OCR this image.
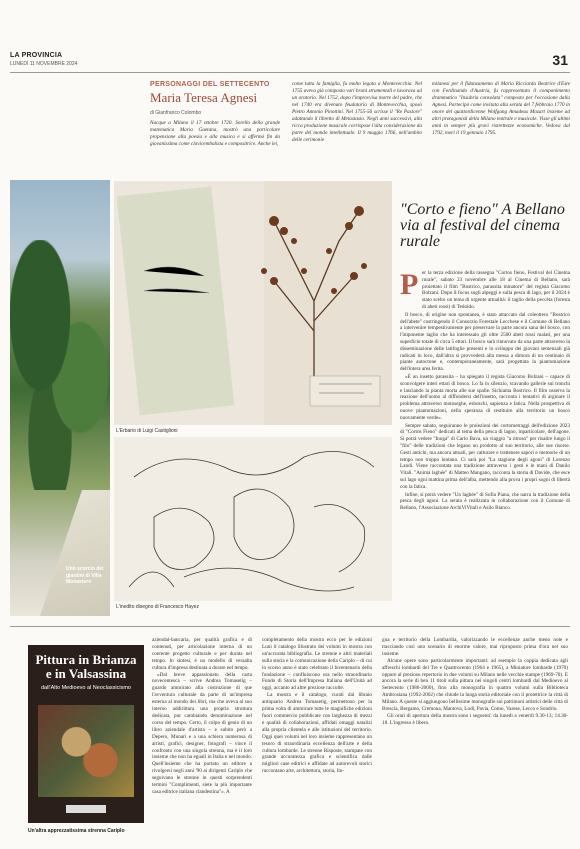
LA PROVINCIA
LUNEDÌ 11 NOVEMBRE 2024	31
PERSONAGGI DEL SETTECENTO
Maria Teresa Agnesi
di Gianfranco Colombo
Nacque a Milano il 17 ottobre 1720. Sorella della grande matematica Maria Gaetana, mostrò una particolare propensione alla poesia e alla musica e si affermò fin da giovanissima come clavicembalista e compositrice. Anche lei,
come tutta la famiglia, fu molto legata a Montevecchia. Nel 1755 aveva già composto vari brani strumentali e lavorava ad un oratorio. Nel 1752, dopo l'improvvisa morte del padre, che nel 1740 era divenuto feudatario di Montevecchia, sposò Pietro Antonio Pinottini. Nel 1755-56 scrisse il "Re Pastore" adattando il libretto di Metastasio. Negli anni successivi, alla ricca produzione musicale corrispose l'alta considerazione da parte del mondo intellettuale. Il 9 maggio 1766, nell'ambito delle cerimonie
milanesi per il fidanzamento di Maria Ricciarda Beatrice d'Este con Ferdinando d'Austria, fu rappresentato il componimento drammatico "Insubria consolata" composto per l'occasione dalla Agnesi. Partecipò come invitata alla serata del 7 febbraio 1770 in onore del quattordicenne Wolfgang Amadeus Mozart insieme ad altri protagonisti della Milano teatrale e musicale. Visse gli ultimi anni in semper più gravi ristrettezze economiche. Vedova dal 1792, morì il 19 gennaio 1795.
Uno scorcio dei giardini di Villa Monastero
L'Erbario di Luigi Castiglioni
L'inedito disegno di Francesco Hayez
"Corto e fieno" A Bellano via al festival del cinema rurale
P er la terza edizione della rassegna "Cortos fieno, Festival del Cinema rurale", sabato 23 novembre alle 18 al Cinema di Bellano, sarà proiettato il film "Bostrico, parassita minatore" del regista Giacomo Bolzani. Dopo il focus sugli alpeggi e sulla pesca di lago, per il 2024 è stato scelto un tema di urgente attualità: il taglio della peccèta (foresta di abeti rossi) di Tedoldo.

Il bosco, di origine non spontanea, è stato attaccato dal coleottero "Bostrico dell'abete" costringendo il Consorzio Forestale Lecchese e il Comune di Bellano a intervenire tempestivamente per preservare la parte ancora sana del bosco, con l'imponente taglio che ha interessato gli oltre 2500 abeti rossi malati, per una superficie totale di circa 5 ettari. Il bosco sarà rinnovato da una parte attraverso la disseminazione delle latifoglie presenti e lo sviluppo dei giovani semenzali già radicati in loco, dall'altra si provvederà alla messa a dimora di un centinaio di piante autoctone e, contemporaneamente, sarà progettata la piantumazione dell'intera area ferita.

«È un insetto parassita – ha spiegato il regista Giacomo Bolzani – capace di sconvolgere interi ettari di bosco. Lo fa in silenzio, scavando gallerie sui tronchi e lasciando la pianta morta alle sue spalle. Sichiama Bostrico. Il film osserva la reazione dell'uomo al diffondersi dell'insetto, racconta i tentativi di arginare il problema attraverso motoseghe, esboschi, sapienza e fatica. Nella prospettiva di nuove piantumazioni, nella speranza di restituire alla territorio un bosco nuovamente verde».

Sempre sabato, seguiranno le proiezioni dei cortometraggi dell'edizione 2023 di "Cortos Fieno" dedicati al tema della pesca di lagno, inparticolare, dell'agone. Si potrà vedere "Inoga" di Carlo Bava, un viaggio "a ritroso" per risalire lungo il "filo" delle tradizioni che legano un prodotto al suo territorio, alle sue risorse. Gesti antichi, ma ancora attuali, per catturare e trattenere sapori e memorie di un tempo non troppo lontano. Ci sarà poi "La stagione degli agoni" di Lorenzo Landi. Viene raccontata una tradizione attraverso i gesti e le mani di Danilo Vitali. "Anima laghée" di Matteo Mangano, racconta la storia di Davide, che esce sul lago ogni mattina prima dell'alba, mettendo alla prova i propri sogni di libertà con la fatica.

Infine, si potrà vedere "Un laghée" di Sofia Piana, che narra la tradizione della pesca degli agoni. La serata è realizzata in collaborazione con il Comune di Bellano, l'Associazione ArchiViVitali e Asilo Bianco.

Pittura in Brianza e in Valsassina
dall'Alto Medioevo al Neoclassicismo
Un'altra apprezzatissima strenna Cariplo

aziendal-bancaria, per qualità grafica e di contenuti, per articolazione interna di un coerente progetto culturale e per durata nel tempo. In sintesi, è un modello di veraalta cultura d'impresa destinata a durare nel tempo.

«Dal breve appassionato della carta novecentesca – scrive Andrea Tomasetig – guardo ammirato alla costruzione di que l'avventura culturale da parte di un'impresa esterna al mondo dei libri, ma che aveva al suo interno addirittura una propria struttura dedicata, pur cambiando denominazione nel corso del tempo. Certo, il colpo di genio di un libro aziendale d'artista – e subito però a Depero, Munari e a una schiera numerosa di artisti, grafici, designer, fotografi – vince il confronto con una singola strenna, ma è il loro insieme che non ha eguali in Italia e nel mondo. Quell'insieme che ha portato un editore a rivolgersi negli anni '90 ai dirigenti Cariplo che seguivano le strenne in questi sorprendenti termini "Complimenti, siete la più importante casa editrice italiana clandestina"». A

completamento della mostra ecco per le edizioni Luni il catalogo illustrato dei volumi in mostra con un'accurata bibliografia. Le strenne e altri materiali sulla storia e la comunicazione della Cariplo – di cui lo scorso anno è stato celebrato il bicentenario della fondazione – confluiscono ora nello straordinario Fondo di Storia dell'Impresa Italiana dell'Unità ad oggi, accanto ad altre preziose raccolte.

La mostra e il catalogo, curati dal libraio antiquario Andrea Tomasetig, permettono per la prima volta di ammirare tutte le magnifiche edizioni fuori commercio pubblicate con larghezza di mezzi e qualità di collaborazioni, affidati omaggi natalizi alla propria clientela e alle istituzioni del territorio. Oggi quei volumi nel loro insieme rappresentano un tesoro di straordinaria eccellenza dell'arte e della cultura lombarde. Le strenne Risposte, stampate con grande accuratezza grafica e scientifica dalle migliori case editrici e affidate ad autorevoli storici raccontano arte, architettura, storia, lin-

gua e territorio della Lombardia, valorizzando le eccellenze anche meno note e tracciando così uno scenario di enorme valore, mai riproposto prima d'ora nel suo insieme.

Alcune opere sono particolarmente importanti: ad esempio la coppia dedicata agli affreschi lombardi del Tre e Quattrocento (1964 e 1965), a Miniature lombarde (1970) oppure al prezioso repertorio in due volumi su Milano nelle vecchie stampe (1969-70). E ancora la serie di ben 11 titoli sulla pittura nei singoli centri lombardi dal Medioevo al Settecento (1986-2000), fino alla monografia in quattro volumi sulla Biblioteca Ambrosiana (1992-2002) che chiude la lunga storia editoriale con il protettrice la città di Milano. A queste si aggiungono bellissime monografie sui patrimoni artistici delle città di Brescia, Bergamo, Cremona, Mantova, Lodi, Pavia, Como, Varese, Lecco e Sondrio.

Gli orari di apertura della mostra sono i seguenti: da lunedì a venerdì 9.30-13; 14.30-18. L'ingresso è libero.
